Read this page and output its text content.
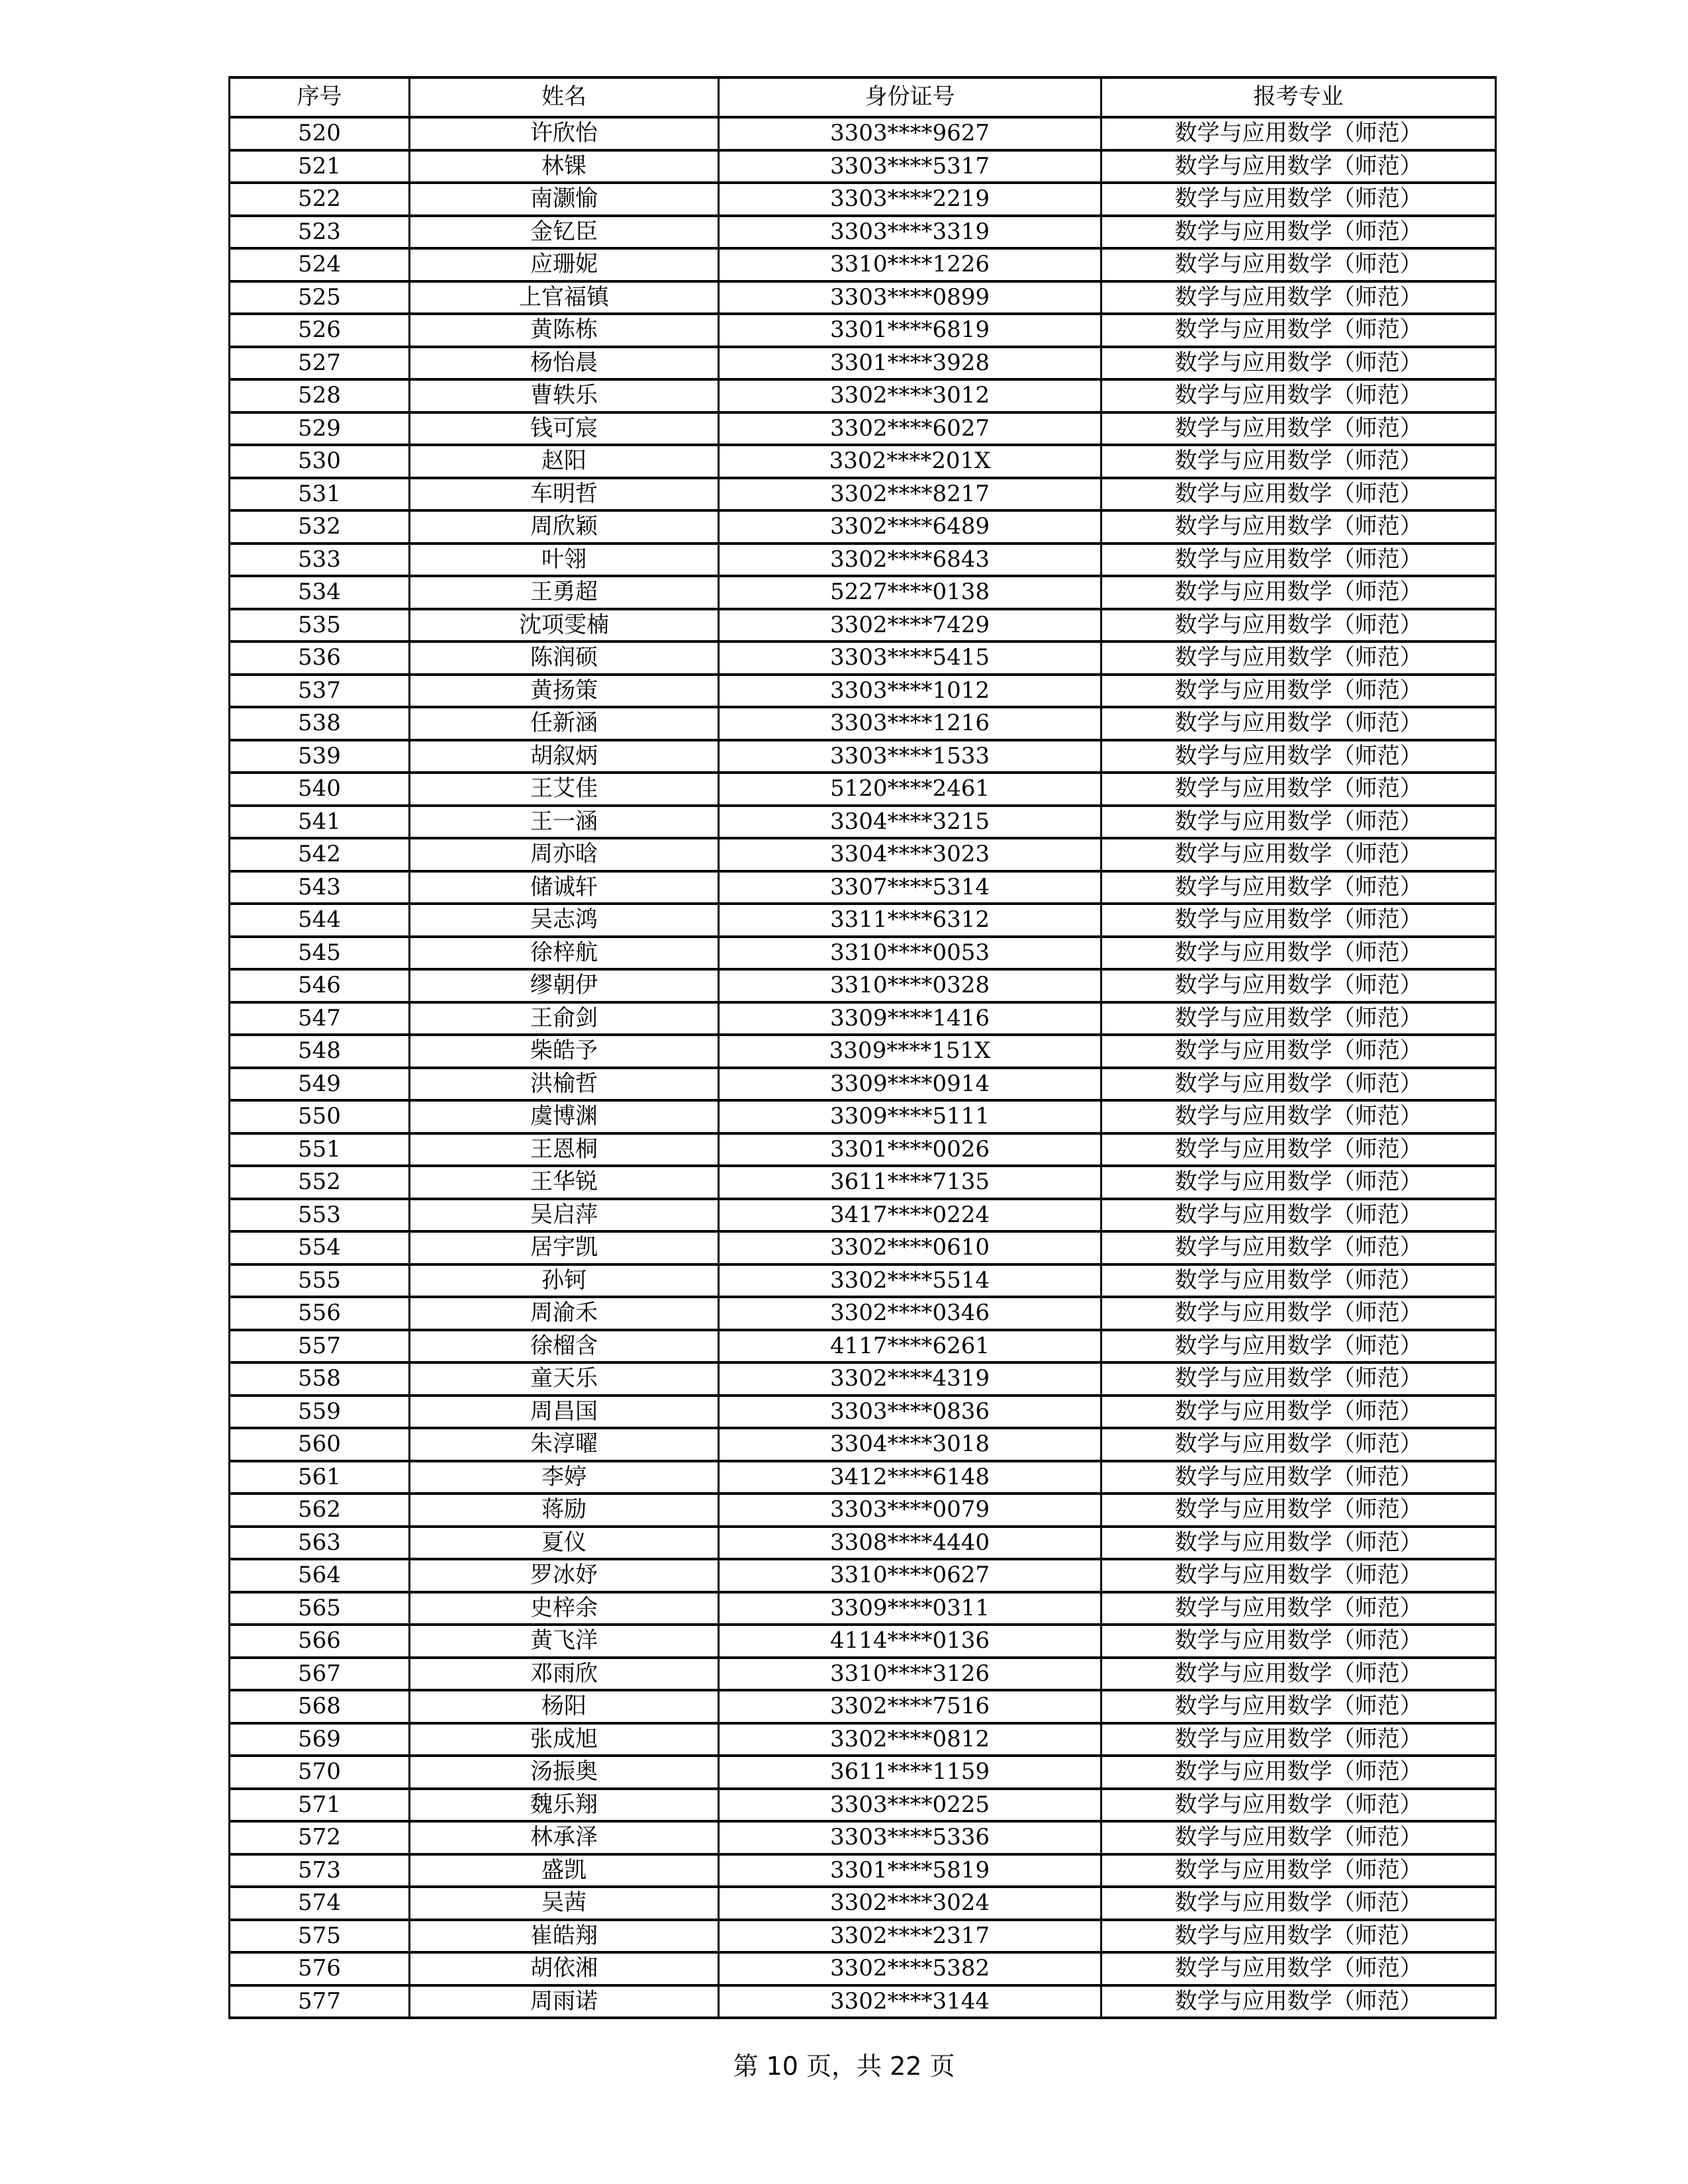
序号	姓名	身份证号	报考专业
520	许欣怡	3303****9627	数学与应用数学（师范）
521	林锞	3303****5317	数学与应用数学（师范）
522	南灏愉	3303****2219	数学与应用数学（师范）
523	金钇臣	3303****3319	数学与应用数学（师范）
524	应珊妮	3310****1226	数学与应用数学（师范）
525	上官福镇	3303****0899	数学与应用数学（师范）
526	黄陈栋	3301****6819	数学与应用数学（师范）
527	杨怡晨	3301****3928	数学与应用数学（师范）
528	曹轶乐	3302****3012	数学与应用数学（师范）
529	钱可宸	3302****6027	数学与应用数学（师范）
530	赵阳	3302****201X	数学与应用数学（师范）
531	车明哲	3302****8217	数学与应用数学（师范）
532	周欣颖	3302****6489	数学与应用数学（师范）
533	叶翎	3302****6843	数学与应用数学（师范）
534	王勇超	5227****0138	数学与应用数学（师范）
535	沈项雯楠	3302****7429	数学与应用数学（师范）
536	陈润硕	3303****5415	数学与应用数学（师范）
537	黄扬策	3303****1012	数学与应用数学（师范）
538	任新涵	3303****1216	数学与应用数学（师范）
539	胡叙炳	3303****1533	数学与应用数学（师范）
540	王艾佳	5120****2461	数学与应用数学（师范）
541	王一涵	3304****3215	数学与应用数学（师范）
542	周亦晗	3304****3023	数学与应用数学（师范）
543	储诚轩	3307****5314	数学与应用数学（师范）
544	吴志鸿	3311****6312	数学与应用数学（师范）
545	徐梓航	3310****0053	数学与应用数学（师范）
546	缪朝伊	3310****0328	数学与应用数学（师范）
547	王俞剑	3309****1416	数学与应用数学（师范）
548	柴皓予	3309****151X	数学与应用数学（师范）
549	洪榆哲	3309****0914	数学与应用数学（师范）
550	虞博渊	3309****5111	数学与应用数学（师范）
551	王恩桐	3301****0026	数学与应用数学（师范）
552	王华锐	3611****7135	数学与应用数学（师范）
553	吴启萍	3417****0224	数学与应用数学（师范）
554	居宇凯	3302****0610	数学与应用数学（师范）
555	孙钶	3302****5514	数学与应用数学（师范）
556	周渝禾	3302****0346	数学与应用数学（师范）
557	徐榴含	4117****6261	数学与应用数学（师范）
558	童天乐	3302****4319	数学与应用数学（师范）
559	周昌国	3303****0836	数学与应用数学（师范）
560	朱淳曜	3304****3018	数学与应用数学（师范）
561	李婷	3412****6148	数学与应用数学（师范）
562	蒋励	3303****0079	数学与应用数学（师范）
563	夏仪	3308****4440	数学与应用数学（师范）
564	罗冰妤	3310****0627	数学与应用数学（师范）
565	史梓余	3309****0311	数学与应用数学（师范）
566	黄飞洋	4114****0136	数学与应用数学（师范）
567	邓雨欣	3310****3126	数学与应用数学（师范）
568	杨阳	3302****7516	数学与应用数学（师范）
569	张成旭	3302****0812	数学与应用数学（师范）
570	汤振奥	3611****1159	数学与应用数学（师范）
571	魏乐翔	3303****0225	数学与应用数学（师范）
572	林承泽	3303****5336	数学与应用数学（师范）
573	盛凯	3301****5819	数学与应用数学（师范）
574	吴茜	3302****3024	数学与应用数学（师范）
575	崔皓翔	3302****2317	数学与应用数学（师范）
576	胡依湘	3302****5382	数学与应用数学（师范）
577	周雨诺	3302****3144	数学与应用数学（师范）
第 10 页，共 22 页
